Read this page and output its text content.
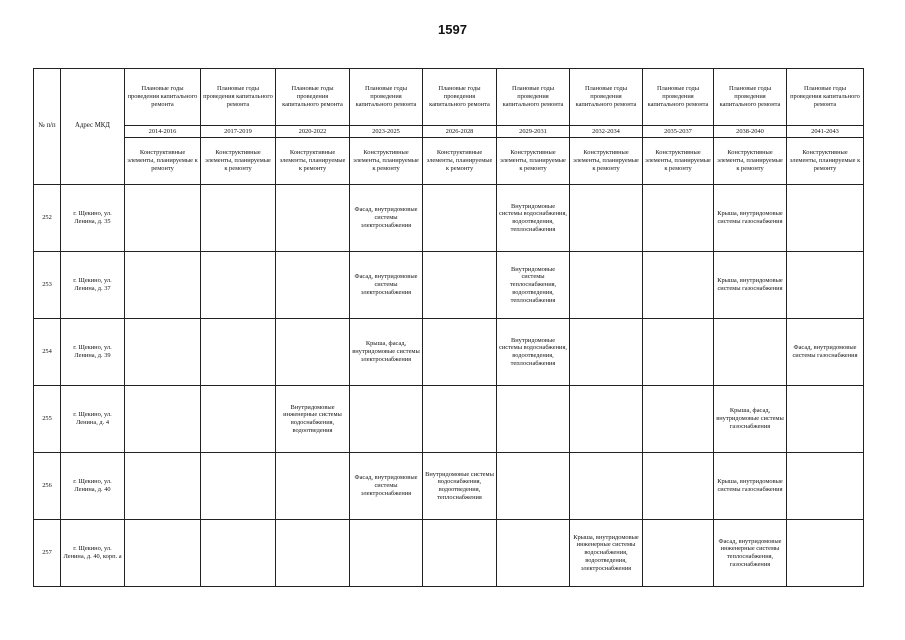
1597
№ п/п	Адрес МКД	Плановые годы проведения капитального ремонта	Плановые годы проведения капитального ремонта	Плановые годы проведения капитального ремонта	Плановые годы проведения капитального ремонта	Плановые годы проведения капитального ремонта	Плановые годы проведения капитального ремонта	Плановые годы проведения капитального ремонта	Плановые годы проведения капитального ремонта	Плановые годы проведения капитального ремонта	Плановые годы проведения капитального ремонта
		2014-2016	2017-2019	2020-2022	2023-2025	2026-2028	2029-2031	2032-2034	2035-2037	2038-2040	2041-2043
		Конструктивные элементы, планируемые к ремонту	Конструктивные элементы, планируемые к ремонту	Конструктивные элементы, планируемые к ремонту	Конструктивные элементы, планируемые к ремонту	Конструктивные элементы, планируемые к ремонту	Конструктивные элементы, планируемые к ремонту	Конструктивные элементы, планируемые к ремонту	Конструктивные элементы, планируемые к ремонту	Конструктивные элементы, планируемые к ремонту	Конструктивные элементы, планируемые к ремонту
252	г. Щекино, ул. Ленина, д. 35				Фасад, внутридомовые системы электроснабжения		Внутридомовые системы водоснабжения, водоотведения, теплоснабжения			Крыша, внутридомовые системы газоснабжения	
253	г. Щекино, ул. Ленина, д. 37				Фасад, внутридомовые системы электроснабжения		Внутридомовые системы теплоснабжения, водоотведения, теплоснабжения			Крыша, внутридомовые системы газоснабжения	
254	г. Щекино, ул. Ленина, д. 39				Крыша, фасад, внутридомовые системы электроснабжения		Внутридомовые системы водоснабжения, водоотведения, теплоснабжения				Фасад, внутридомовые системы газоснабжения
255	г. Щекино, ул. Ленина, д. 4			Внутридомовые инженерные системы водоснабжения, водоотведения						Крыша, фасад, внутридомовые системы газоснабжения	
256	г. Щекино, ул. Ленина, д. 40				Фасад, внутридомовые системы электроснабжения	Внутридомовые системы водоснабжения, водоотведения, теплоснабжения				Крыша, внутридомовые системы газоснабжения	
257	г. Щекино, ул. Ленина, д. 40, корп. а							Крыша, внутридомовые инженерные системы водоснабжения, водоотведения, электроснабжения		Фасад, внутридомовые инженерные системы теплоснабжения, газоснабжения	
